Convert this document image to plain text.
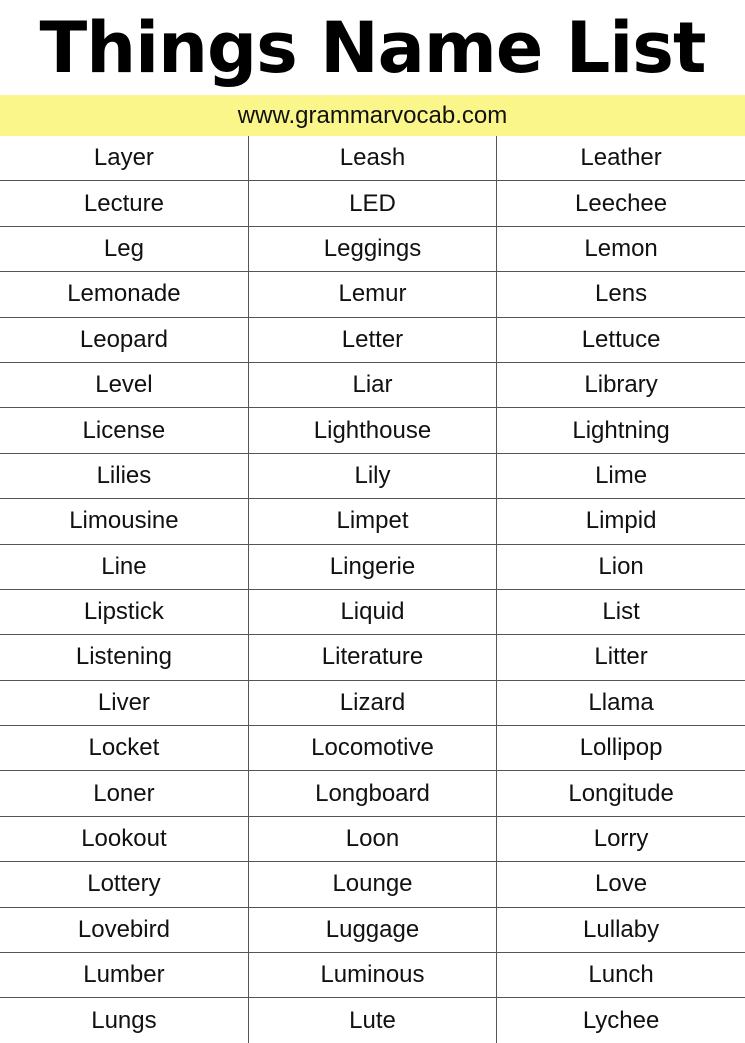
Things Name List
www.grammarvocab.com
Layer	Leash	Leather
Lecture	LED	Leechee
Leg	Leggings	Lemon
Lemonade	Lemur	Lens
Leopard	Letter	Lettuce
Level	Liar	Library
License	Lighthouse	Lightning
Lilies	Lily	Lime
Limousine	Limpet	Limpid
Line	Lingerie	Lion
Lipstick	Liquid	List
Listening	Literature	Litter
Liver	Lizard	Llama
Locket	Locomotive	Lollipop
Loner	Longboard	Longitude
Lookout	Loon	Lorry
Lottery	Lounge	Love
Lovebird	Luggage	Lullaby
Lumber	Luminous	Lunch
Lungs	Lute	Lychee
